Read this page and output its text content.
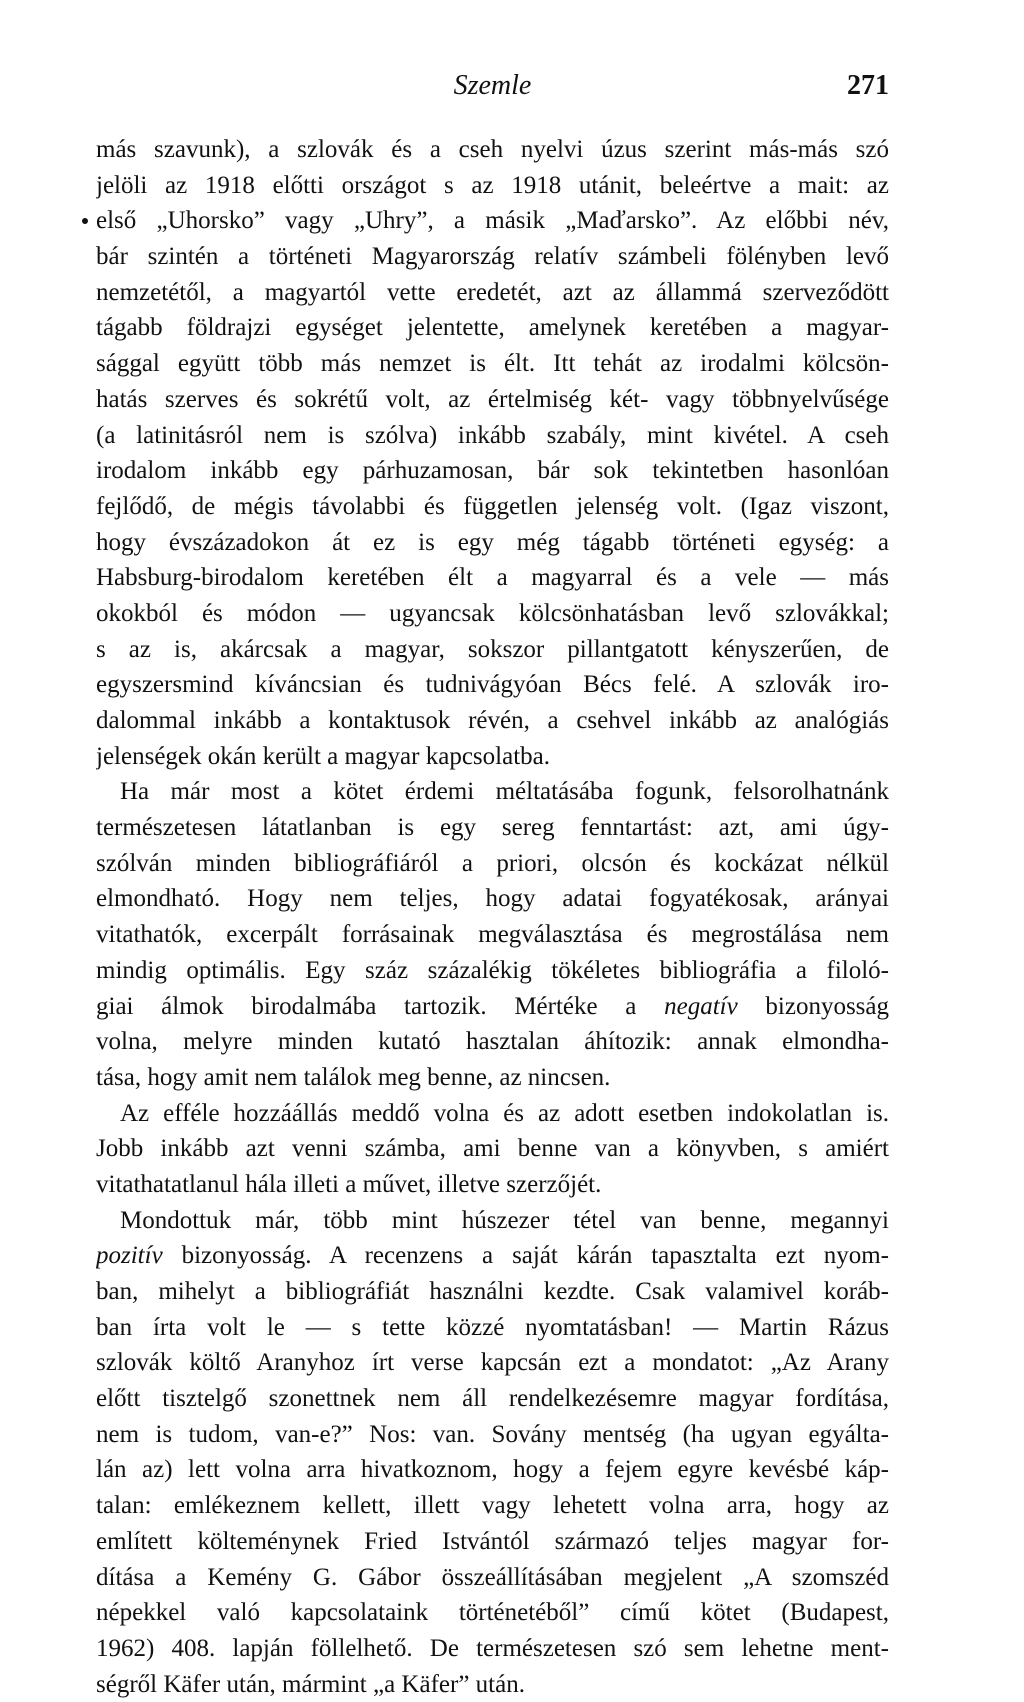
Szemle	271
más szavunk), a szlovák és a cseh nyelvi úzus szerint más-más szó
jelöli az 1918 előtti országot s az 1918 utánit, beleértve a mait: az
első „Uhorsko” vagy „Uhry”, a másik „Maďarsko”. Az előbbi név,
bár szintén a történeti Magyarország relatív számbeli fölényben levő
nemzetétől, a magyartól vette eredetét, azt az állammá szerveződött
tágabb földrajzi egységet jelentette, amelynek keretében a magyar-
sággal együtt több más nemzet is élt. Itt tehát az irodalmi kölcsön-
hatás szerves és sokrétű volt, az értelmiség két- vagy többnyelvűsége
(a latinitásról nem is szólva) inkább szabály, mint kivétel. A cseh
irodalom inkább egy párhuzamosan, bár sok tekintetben hasonlóan
fejlődő, de mégis távolabbi és független jelenség volt. (Igaz viszont,
hogy évszázadokon át ez is egy még tágabb történeti egység: a
Habsburg-birodalom keretében élt a magyarral és a vele — más
okokból és módon — ugyancsak kölcsönhatásban levő szlovákkal;
s az is, akárcsak a magyar, sokszor pillantgatott kényszerűen, de
egyszersmind kíváncsian és tudnivágyóan Bécs felé. A szlovák iro-
dalommal inkább a kontaktusok révén, a csehvel inkább az analógiás
jelenségek okán került a magyar kapcsolatba.
Ha már most a kötet érdemi méltatásába fogunk, felsorolhatnánk
természetesen látatlanban is egy sereg fenntartást: azt, ami úgy-
szólván minden bibliográfiáról a priori, olcsón és kockázat nélkül
elmondható. Hogy nem teljes, hogy adatai fogyatékosak, arányai
vitathatók, excerpált forrásainak megválasztása és megrostálása nem
mindig optimális. Egy száz százalékig tökéletes bibliográfia a filoló-
giai álmok birodalmába tartozik. Mértéke a negatív bizonyosság
volna, melyre minden kutató hasztalan áhítozik: annak elmondha-
tása, hogy amit nem találok meg benne, az nincsen.
Az efféle hozzáállás meddő volna és az adott esetben indokolatlan is.
Jobb inkább azt venni számba, ami benne van a könyvben, s amiért
vitathatatlanul hála illeti a művet, illetve szerzőjét.
Mondottuk már, több mint húszezer tétel van benne, megannyi
pozitív bizonyosság. A recenzens a saját kárán tapasztalta ezt nyom-
ban, mihelyt a bibliográfiát használni kezdte. Csak valamivel koráb-
ban írta volt le — s tette közzé nyomtatásban! — Martin Rázus
szlovák költő Aranyhoz írt verse kapcsán ezt a mondatot: „Az Arany
előtt tisztelgő szonettnek nem áll rendelkezésemre magyar fordítása,
nem is tudom, van-e?” Nos: van. Sovány mentség (ha ugyan egyálta-
lán az) lett volna arra hivatkoznom, hogy a fejem egyre kevésbé káp-
talan: emlékeznem kellett, illett vagy lehetett volna arra, hogy az
említett költeménynek Fried Istvántól származó teljes magyar for-
dítása a Kemény G. Gábor összeállításában megjelent „A szomszéd
népekkel való kapcsolataink történetéből” című kötet (Budapest,
1962) 408. lapján föllelhető. De természetesen szó sem lehetne ment-
ségről Käfer után, mármint „a Käfer” után.
